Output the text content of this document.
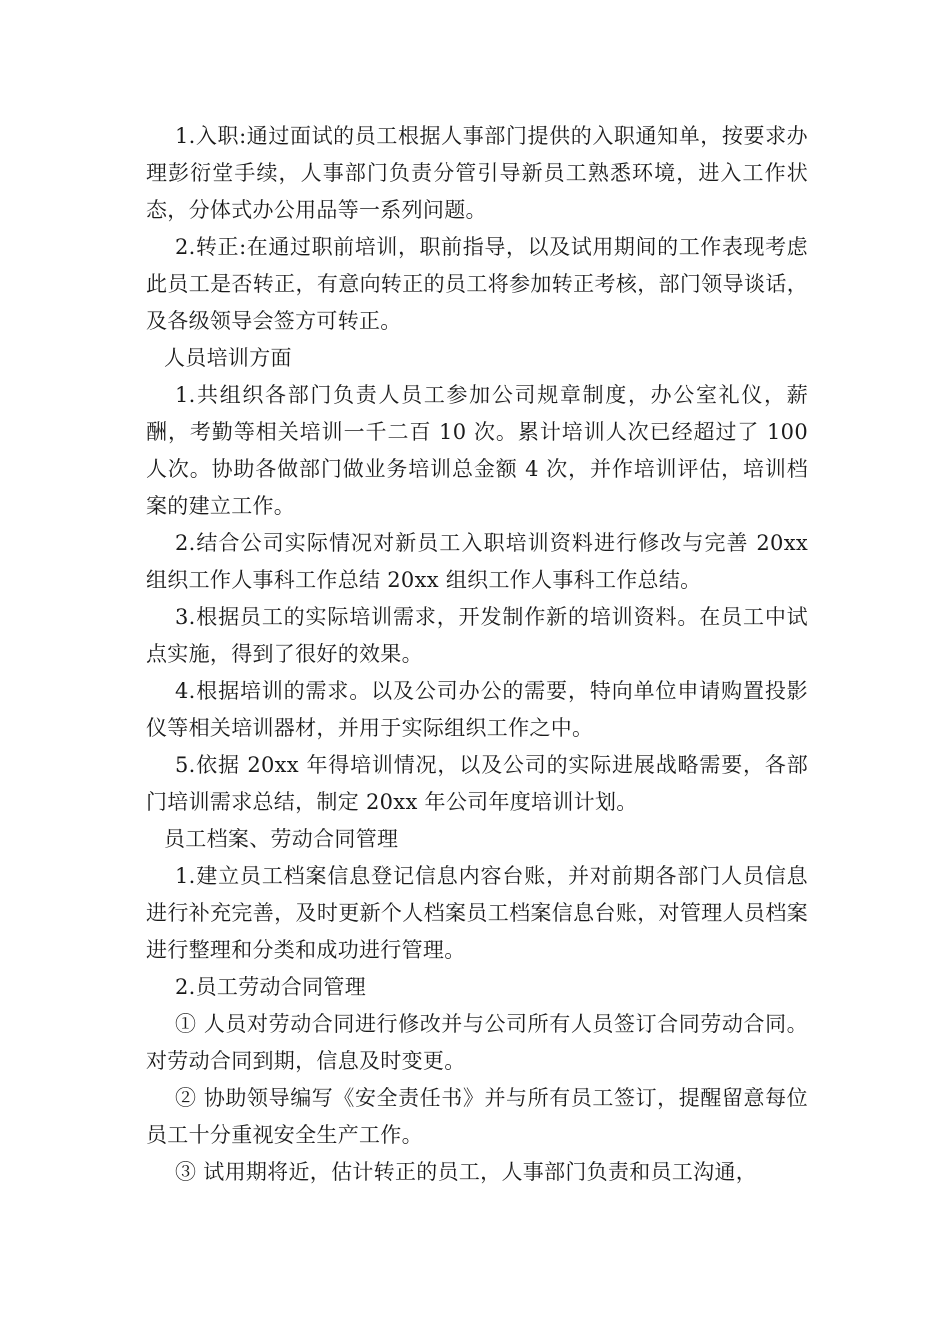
1.入职:通过面试的员工根据人事部门提供的入职通知单，按要求办理彭衍堂手续，人事部门负责分管引导新员工熟悉环境，进入工作状态，分体式办公用品等一系列问题。

2.转正:在通过职前培训，职前指导，以及试用期间的工作表现考虑此员工是否转正，有意向转正的员工将参加转正考核，部门领导谈话，及各级领导会签方可转正。

人员培训方面

1.共组织各部门负责人员工参加公司规章制度，办公室礼仪，薪酬，考勤等相关培训一千二百 10 次。累计培训人次已经超过了 100 人次。协助各做部门做业务培训总金额 4 次，并作培训评估，培训档案的建立工作。

2.结合公司实际情况对新员工入职培训资料进行修改与完善 20xx 组织工作人事科工作总结 20xx 组织工作人事科工作总结。

3.根据员工的实际培训需求，开发制作新的培训资料。在员工中试点实施，得到了很好的效果。

4.根据培训的需求。以及公司办公的需要，特向单位申请购置投影仪等相关培训器材，并用于实际组织工作之中。

5.依据 20xx 年得培训情况，以及公司的实际进展战略需要，各部门培训需求总结，制定 20xx 年公司年度培训计划。

员工档案、劳动合同管理

1.建立员工档案信息登记信息内容台账，并对前期各部门人员信息进行补充完善，及时更新个人档案员工档案信息台账，对管理人员档案进行整理和分类和成功进行管理。

2.员工劳动合同管理

① 人员对劳动合同进行修改并与公司所有人员签订合同劳动合同。对劳动合同到期，信息及时变更。

② 协助领导编写《安全责任书》并与所有员工签订，提醒留意每位员工十分重视安全生产工作。

③ 试用期将近，估计转正的员工，人事部门负责和员工沟通，
